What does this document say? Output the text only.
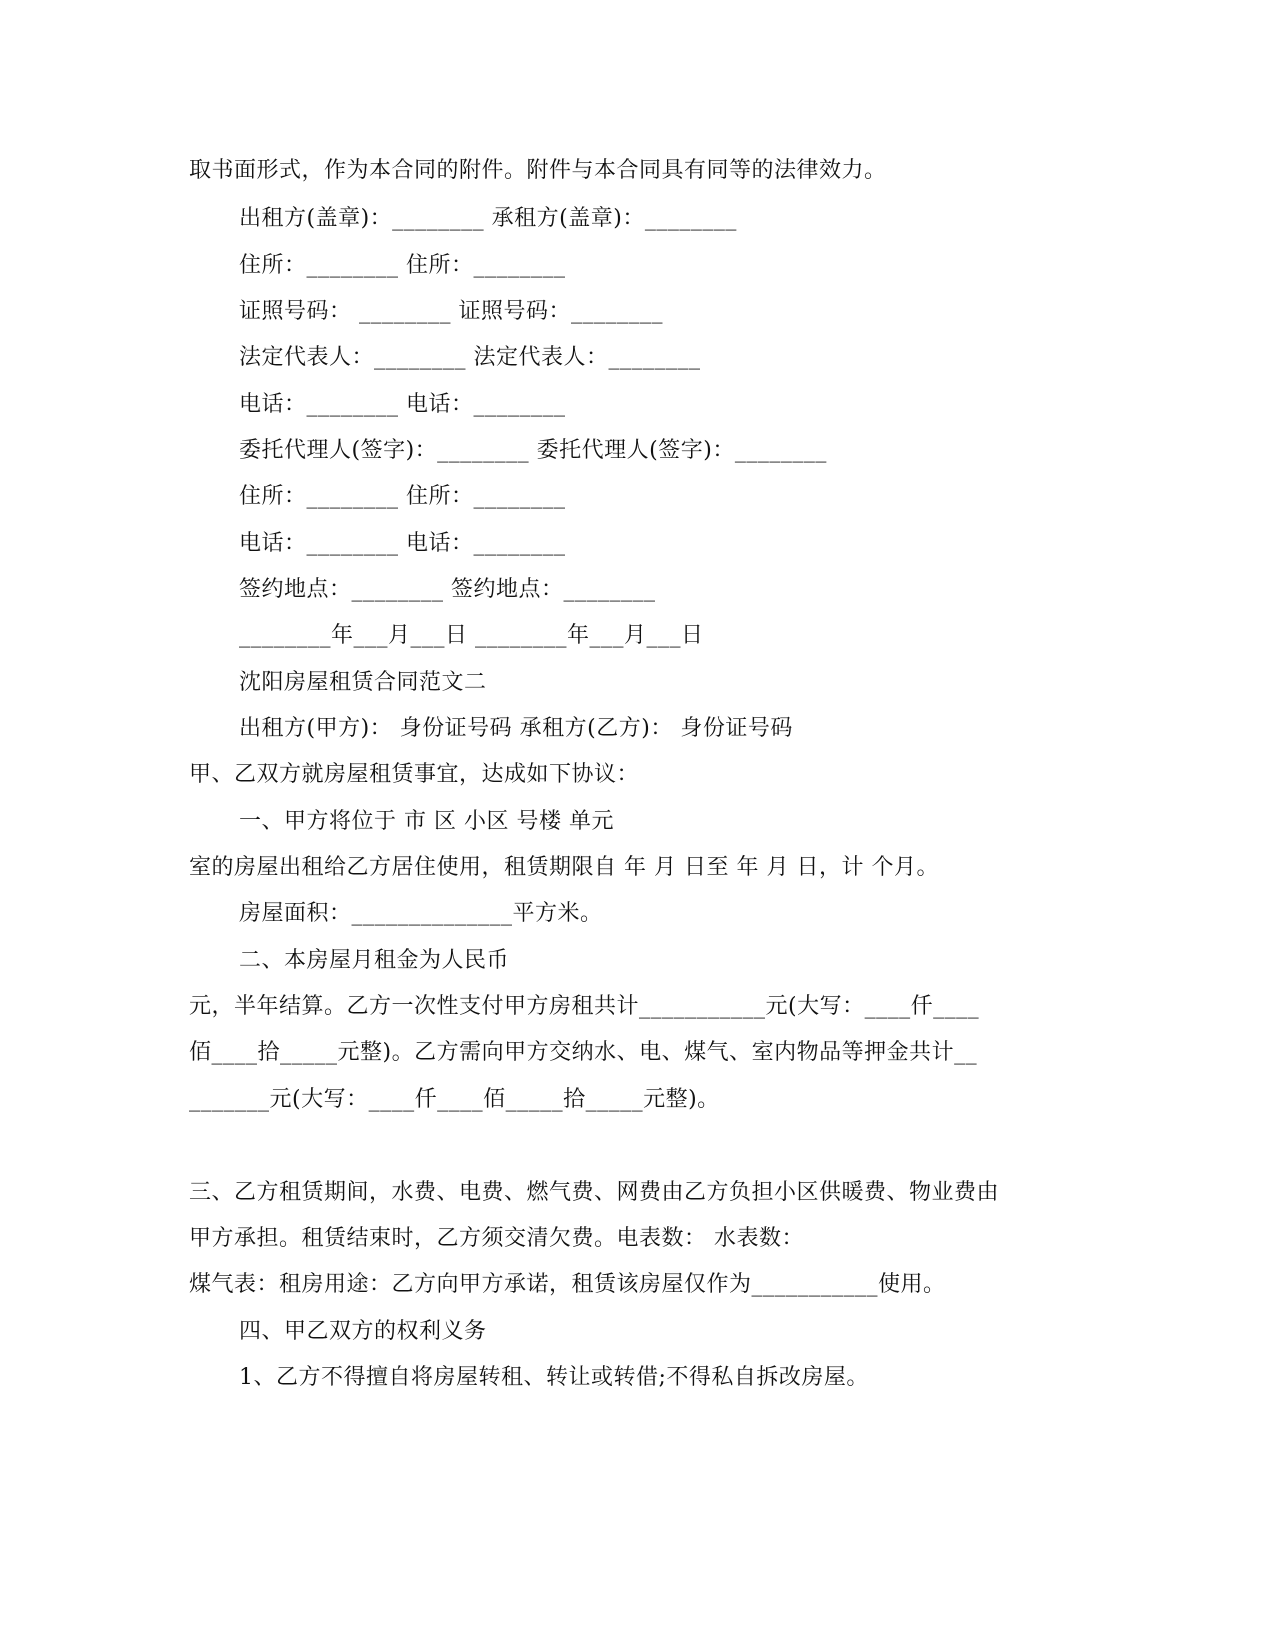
取书面形式，作为本合同的附件。附件与本合同具有同等的法律效力。
出租方(盖章)：________ 承租方(盖章)：________
住所：________ 住所：________
证照号码： ________ 证照号码：________
法定代表人：________ 法定代表人：________
电话：________ 电话：________
委托代理人(签字)：________ 委托代理人(签字)：________
住所：________ 住所：________
电话：________ 电话：________
签约地点：________ 签约地点：________
________年___月___日 ________年___月___日
沈阳房屋租赁合同范文二
出租方(甲方)： 身份证号码 承租方(乙方)： 身份证号码
甲、乙双方就房屋租赁事宜，达成如下协议：
一、甲方将位于 市 区 小区 号楼 单元
室的房屋出租给乙方居住使用，租赁期限自 年 月 日至 年 月 日，计 个月。
房屋面积：______________平方米。
二、本房屋月租金为人民币
元，半年结算。乙方一次性支付甲方房租共计___________元(大写：____仟____
佰____拾_____元整)。乙方需向甲方交纳水、电、煤气、室内物品等押金共计__
_______元(大写：____仟____佰_____拾_____元整)。
三、乙方租赁期间，水费、电费、燃气费、网费由乙方负担小区供暖费、物业费由
甲方承担。租赁结束时，乙方须交清欠费。电表数： 水表数：
煤气表：租房用途：乙方向甲方承诺，租赁该房屋仅作为___________使用。
四、甲乙双方的权利义务
1、乙方不得擅自将房屋转租、转让或转借;不得私自拆改房屋。
